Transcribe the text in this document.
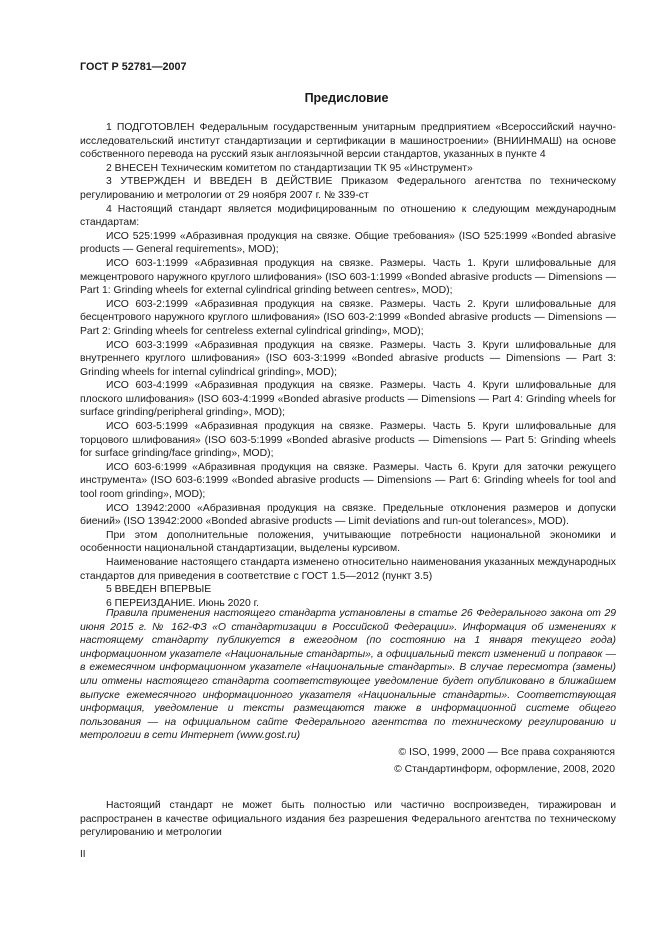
ГОСТ Р 52781—2007
Предисловие

1 ПОДГОТОВЛЕН Федеральным государственным унитарным предприятием «Всероссийский научно-исследовательский институт стандартизации и сертификации в машиностроении» (ВНИИНМАШ) на основе собственного перевода на русский язык англоязычной версии стандартов, указанных в пункте 4

2 ВНЕСЕН Техническим комитетом по стандартизации ТК 95 «Инструмент»

3 УТВЕРЖДЕН И ВВЕДЕН В ДЕЙСТВИЕ Приказом Федерального агентства по техническому регулированию и метрологии от 29 ноября 2007 г. № 339-ст

4 Настоящий стандарт является модифицированным по отношению к следующим международным стандартам:

ИСО 525:1999 «Абразивная продукция на связке. Общие требования» (ISO 525:1999 «Bonded abrasive products — General requirements», MOD);

ИСО 603-1:1999 «Абразивная продукция на связке. Размеры. Часть 1. Круги шлифовальные для межцентрового наружного круглого шлифования» (ISO 603-1:1999 «Bonded abrasive products — Dimensions — Part 1: Grinding wheels for external cylindrical grinding between centres», MOD);

ИСО 603-2:1999 «Абразивная продукция на связке. Размеры. Часть 2. Круги шлифовальные для бесцентрового наружного круглого шлифования» (ISO 603-2:1999 «Bonded abrasive products — Dimensions — Part 2: Grinding wheels for centreless external cylindrical grinding», MOD);

ИСО 603-3:1999 «Абразивная продукция на связке. Размеры. Часть 3. Круги шлифовальные для внутреннего круглого шлифования» (ISO 603-3:1999 «Bonded abrasive products — Dimensions — Part 3: Grinding wheels for internal cylindrical grinding», MOD);

ИСО 603-4:1999 «Абразивная продукция на связке. Размеры. Часть 4. Круги шлифовальные для плоского шлифования» (ISO 603-4:1999 «Bonded abrasive products — Dimensions — Part 4: Grinding wheels for surface grinding/peripheral grinding», MOD);

ИСО 603-5:1999 «Абразивная продукция на связке. Размеры. Часть 5. Круги шлифовальные для торцового шлифования» (ISO 603-5:1999 «Bonded abrasive products — Dimensions — Part 5: Grinding wheels for surface grinding/face grinding», MOD);

ИСО 603-6:1999 «Абразивная продукция на связке. Размеры. Часть 6. Круги для заточки режущего инструмента» (ISO 603-6:1999 «Bonded abrasive products — Dimensions — Part 6: Grinding wheels for tool and tool room grinding», MOD);

ИСО 13942:2000 «Абразивная продукция на связке. Предельные отклонения размеров и допуски биений» (ISO 13942:2000 «Bonded abrasive products — Limit deviations and run-out tolerances», MOD).

При этом дополнительные положения, учитывающие потребности национальной экономики и особенности национальной стандартизации, выделены курсивом.

Наименование настоящего стандарта изменено относительно наименования указанных международных стандартов для приведения в соответствие с ГОСТ 1.5—2012 (пункт 3.5)

5 ВВЕДЕН ВПЕРВЫЕ

6 ПЕРЕИЗДАНИЕ. Июнь 2020 г.

Правила применения настоящего стандарта установлены в статье 26 Федерального закона от 29 июня 2015 г. № 162-ФЗ «О стандартизации в Российской Федерации». Информация об изменениях к настоящему стандарту публикуется в ежегодном (по состоянию на 1 января текущего года) информационном указателе «Национальные стандарты», а официальный текст изменений и поправок — в ежемесячном информационном указателе «Национальные стандарты». В случае пересмотра (замены) или отмены настоящего стандарта соответствующее уведомление будет опубликовано в ближайшем выпуске ежемесячного информационного указателя «Национальные стандарты». Соответствующая информация, уведомление и тексты размещаются также в информационной системе общего пользования — на официальном сайте Федерального агентства по техническому регулированию и метрологии в сети Интернет (www.gost.ru)

© ISO, 1999, 2000 — Все права сохраняются
© Стандартинформ, оформление, 2008, 2020

Настоящий стандарт не может быть полностью или частично воспроизведен, тиражирован и распространен в качестве официального издания без разрешения Федерального агентства по техническому регулированию и метрологии

II
